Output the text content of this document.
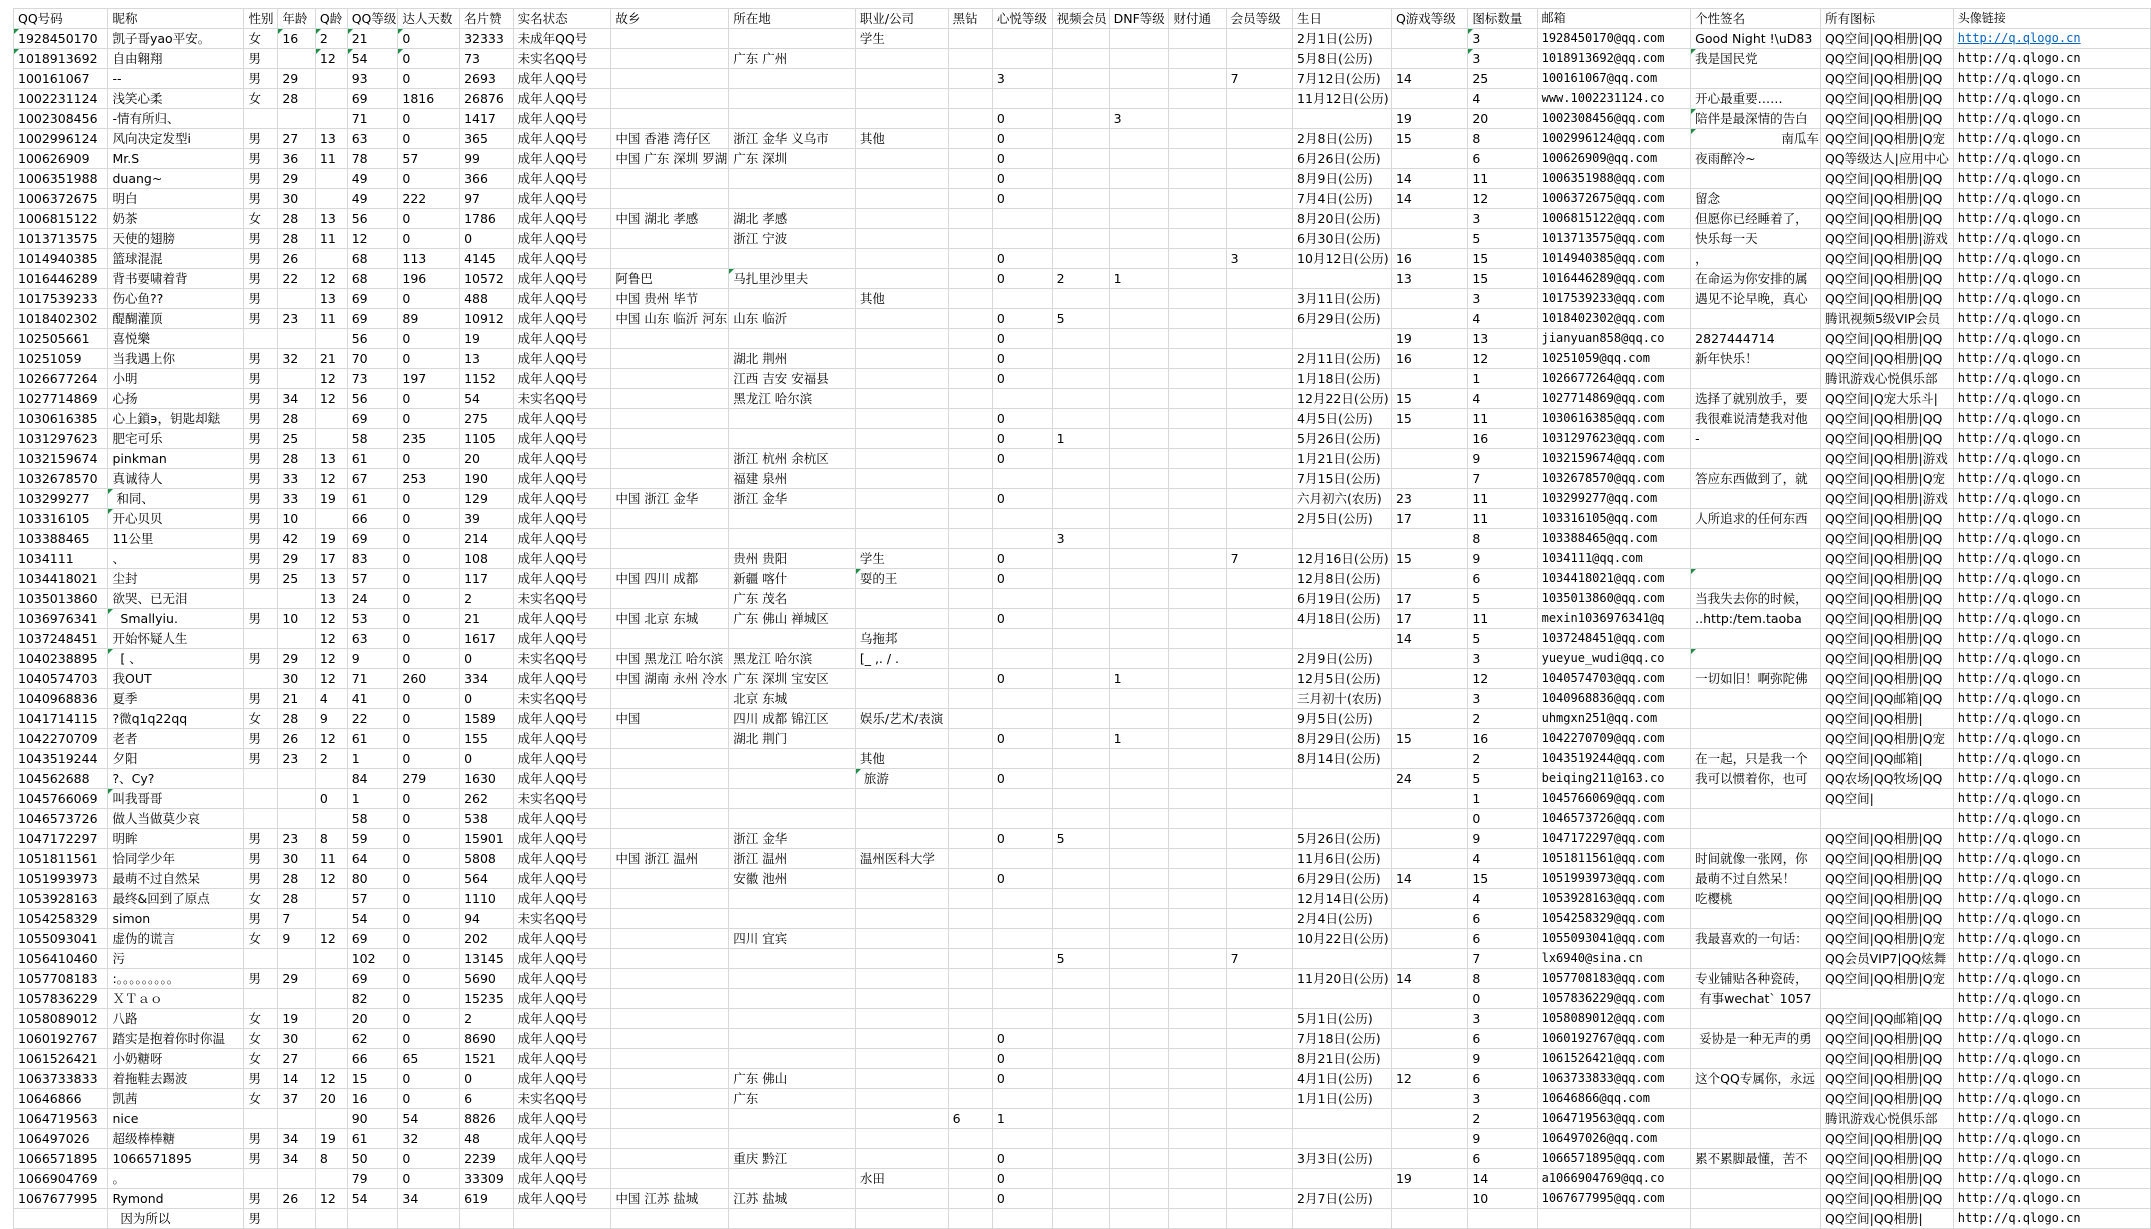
QQ号码	昵称	性别	年龄	Q龄	QQ等级	达人天数	名片赞	实名状态	故乡	所在地	职业/公司	黑钻	心悦等级	视频会员	DNF等级	财付通	会员等级	生日	Q游戏等级	图标数量	邮箱	个性签名	所有图标	头像链接
1928450170	凯子哥yao平安。	女	16	2	21	0	32333	未成年QQ号			学生							2月1日(公历)		3	1928450170@qq.com	Good Night !\uD83	QQ空间|QQ相册|QQ	http://q.qlogo.cn
1018913692	自由翱翔	男		12	54	0	73	未实名QQ号		广东 广州								5月8日(公历)		3	1018913692@qq.com	我是国民党	QQ空间|QQ相册|QQ	http://q.qlogo.cn
100161067	--	男	29		93	0	2693	成年人QQ号					3				7	7月12日(公历)	14	25	100161067@qq.com		QQ空间|QQ相册|QQ	http://q.qlogo.cn
1002231124	浅笑心柔	女	28		69	1816	26876	成年人QQ号										11月12日(公历)		4	www.1002231124.co	开心最重要……	QQ空间|QQ相册|QQ	http://q.qlogo.cn
1002308456	-情有所归、				71	0	1417	成年人QQ号					0		3				19	20	1002308456@qq.com	陪伴是最深情的告白	QQ空间|QQ相册|QQ	http://q.qlogo.cn
1002996124	风向决定发型i	男	27	13	63	0	365	成年人QQ号	中国 香港 湾仔区	浙江 金华 义乌市	其他		0					2月8日(公历)	15	8	1002996124@qq.com	南瓜车	QQ空间|QQ相册|Q宠	http://q.qlogo.cn
100626909	Mr.S	男	36	11	78	57	99	成年人QQ号	中国 广东 深圳 罗湖	广东 深圳			0					6月26日(公历)		6	100626909@qq.com	夜雨醉冷~	QQ等级达人|应用中心	http://q.qlogo.cn
1006351988	duang~	男	29		49	0	366	成年人QQ号					0					8月9日(公历)	14	11	1006351988@qq.com		QQ空间|QQ相册|QQ	http://q.qlogo.cn
1006372675	明白	男	30		49	222	97	成年人QQ号					0					7月4日(公历)	14	12	1006372675@qq.com	留念	QQ空间|QQ相册|QQ	http://q.qlogo.cn
1006815122	奶茶	女	28	13	56	0	1786	成年人QQ号	中国 湖北 孝感	湖北 孝感								8月20日(公历)		3	1006815122@qq.com	但愿你已经睡着了，	QQ空间|QQ相册|QQ	http://q.qlogo.cn
1013713575	天使的翅膀	男	28	11	12	0	0	成年人QQ号		浙江 宁波								6月30日(公历)		5	1013713575@qq.com	快乐每一天	QQ空间|QQ相册|游戏	http://q.qlogo.cn
1014940385	篮球混混	男	26		68	113	4145	成年人QQ号					0				3	10月12日(公历)	16	15	1014940385@qq.com	，	QQ空间|QQ相册|QQ	http://q.qlogo.cn
1016446289	背书要啸着背	男	22	12	68	196	10572	成年人QQ号	阿鲁巴	马扎里沙里夫			0	2	1				13	15	1016446289@qq.com	在命运为你安排的属	QQ空间|QQ相册|QQ	http://q.qlogo.cn
1017539233	伤心鱼??	男		13	69	0	488	成年人QQ号	中国 贵州 毕节		其他							3月11日(公历)		3	1017539233@qq.com	遇见不论早晚，真心	QQ空间|QQ相册|QQ	http://q.qlogo.cn
1018402302	醍醐灌顶	男	23	11	69	89	10912	成年人QQ号	中国 山东 临沂 河东	山东 临沂			0	5				6月29日(公历)		4	1018402302@qq.com		腾讯视频5级VIP会员	http://q.qlogo.cn
102505661	喜悦樂				56	0	19	成年人QQ号					0						19	13	jianyuan858@qq.co	2827444714	QQ空间|QQ相册|QQ	http://q.qlogo.cn
10251059	当我遇上你	男	32	21	70	0	13	成年人QQ号		湖北 荆州			0					2月11日(公历)	16	12	10251059@qq.com	新年快乐！	QQ空间|QQ相册|QQ	http://q.qlogo.cn
1026677264	小明	男		12	73	197	1152	成年人QQ号		江西 吉安 安福县			0					1月18日(公历)		1	1026677264@qq.com		腾讯游戏心悦俱乐部	http://q.qlogo.cn
1027714869	心扬	男	34	12	56	0	54	未实名QQ号		黑龙江 哈尔滨								12月22日(公历)	15	4	1027714869@qq.com	选择了就别放手，要	QQ空间|Q宠大乐斗|	http://q.qlogo.cn
1030616385	心上鎖϶，钥匙却鍅	男	28		69	0	275	成年人QQ号					0					4月5日(公历)	15	11	1030616385@qq.com	我很难说清楚我对他	QQ空间|QQ相册|QQ	http://q.qlogo.cn
1031297623	肥宅可乐	男	25		58	235	1105	成年人QQ号					0	1				5月26日(公历)		16	1031297623@qq.com	-	QQ空间|QQ相册|QQ	http://q.qlogo.cn
1032159674	pinkman	男	28	13	61	0	20	成年人QQ号		浙江 杭州 余杭区			0					1月21日(公历)		9	1032159674@qq.com		QQ空间|QQ相册|游戏	http://q.qlogo.cn
1032678570	真诚待人	男	33	12	67	253	190	成年人QQ号		福建 泉州								7月15日(公历)		7	1032678570@qq.com	答应东西做到了，就	QQ空间|QQ相册|Q宠	http://q.qlogo.cn
103299277	和同、	男	33	19	61	0	129	成年人QQ号	中国 浙江 金华	浙江 金华			0					六月初六(农历)	23	11	103299277@qq.com		QQ空间|QQ相册|游戏	http://q.qlogo.cn
103316105	开心贝贝	男	10		66	0	39	成年人QQ号										2月5日(公历)	17	11	103316105@qq.com	人所追求的任何东西	QQ空间|QQ相册|QQ	http://q.qlogo.cn
103388465	11公里	男	42	19	69	0	214	成年人QQ号						3						8	103388465@qq.com		QQ空间|QQ相册|QQ	http://q.qlogo.cn
1034111	、	男	29	17	83	0	108	成年人QQ号		贵州 贵阳	学生		0				7	12月16日(公历)	15	9	1034111@qq.com		QQ空间|QQ相册|QQ	http://q.qlogo.cn
1034418021	尘封	男	25	13	57	0	117	成年人QQ号	中国 四川 成都	新疆 喀什	耍的王		0					12月8日(公历)		6	1034418021@qq.com		QQ空间|QQ相册|QQ	http://q.qlogo.cn
1035013860	欲哭、已无泪			13	24	0	2	未实名QQ号		广东 茂名								6月19日(公历)	17	5	1035013860@qq.com	当我失去你的时候，	QQ空间|QQ相册|QQ	http://q.qlogo.cn
1036976341	Smallyiu.	男	10	12	53	0	21	成年人QQ号	中国 北京 东城	广东 佛山 禅城区			0					4月18日(公历)	17	11	mexin1036976341@q	..http:/tem.taoba	QQ空间|QQ相册|QQ	http://q.qlogo.cn
1037248451	开始怀疑人生			12	63	0	1617	成年人QQ号			乌拖邦								14	5	1037248451@qq.com		QQ空间|QQ相册|QQ	http://q.qlogo.cn
1040238895	[ 、	男	29	12	9	0	0	未实名QQ号	中国 黑龙江 哈尔滨	黑龙江 哈尔滨	[_ ,. / .							2月9日(公历)		3	yueyue_wudi@qq.co		QQ空间|QQ相册|QQ	http://q.qlogo.cn
1040574703	我OUT		30	12	71	260	334	成年人QQ号	中国 湖南 永州 冷水	广东 深圳 宝安区			0		1			12月5日(公历)		12	1040574703@qq.com	一切如旧！啊弥陀佛	QQ空间|QQ相册|QQ	http://q.qlogo.cn
1040968836	夏季	男	21	4	41	0	0	未实名QQ号		北京 东城								三月初十(农历)		3	1040968836@qq.com		QQ空间|QQ邮箱|QQ	http://q.qlogo.cn
1041714115	?微q1q22qq	女	28	9	22	0	1589	成年人QQ号	中国	四川 成都 锦江区	娱乐/艺术/表演							9月5日(公历)		2	uhmgxn251@qq.com		QQ空间|QQ相册|	http://q.qlogo.cn
1042270709	老者	男	26	12	61	0	155	成年人QQ号		湖北 荆门			0		1			8月29日(公历)	15	16	1042270709@qq.com		QQ空间|QQ相册|Q宠	http://q.qlogo.cn
1043519244	夕阳	男	23	2	1	0	0	成年人QQ号			其他							8月14日(公历)		2	1043519244@qq.com	在一起，只是我一个	QQ空间|QQ邮箱|	http://q.qlogo.cn
104562688	?、Cy?				84	279	1630	成年人QQ号			旅游		0						24	5	beiqing211@163.co	我可以惯着你，也可	QQ农场|QQ牧场|QQ	http://q.qlogo.cn
1045766069	叫我哥哥			0	1	0	262	未实名QQ号												1	1045766069@qq.com		QQ空间|	http://q.qlogo.cn
1046573726	做人当做莫少哀				58	0	538	成年人QQ号												0	1046573726@qq.com			http://q.qlogo.cn
1047172297	明眸	男	23	8	59	0	15901	成年人QQ号		浙江 金华			0	5				5月26日(公历)		9	1047172297@qq.com		QQ空间|QQ相册|QQ	http://q.qlogo.cn
1051811561	恰同学少年	男	30	11	64	0	5808	成年人QQ号	中国 浙江 温州	浙江 温州	温州医科大学							11月6日(公历)		4	1051811561@qq.com	时间就像一张网，你	QQ空间|QQ相册|QQ	http://q.qlogo.cn
1051993973	最萌不过自然呆	男	28	12	80	0	564	成年人QQ号		安徽 池州			0					6月29日(公历)	14	15	1051993973@qq.com	最萌不过自然呆！	QQ空间|QQ相册|QQ	http://q.qlogo.cn
1053928163	最终&回到了原点	女	28		57	0	1110	成年人QQ号										12月14日(公历)		4	1053928163@qq.com	吃樱桃	QQ空间|QQ相册|QQ	http://q.qlogo.cn
1054258329	simon	男	7		54	0	94	未实名QQ号										2月4日(公历)		6	1054258329@qq.com		QQ空间|QQ相册|QQ	http://q.qlogo.cn
1055093041	虚伪的谎言	女	9	12	69	0	202	成年人QQ号		四川 宜宾								10月22日(公历)		6	1055093041@qq.com	我最喜欢的一句话：	QQ空间|QQ相册|Q宠	http://q.qlogo.cn
1056410460	污				102	0	13145	成年人QQ号						5			7			7	lx6940@sina.cn		QQ会员VIP7|QQ炫舞	http://q.qlogo.cn
1057708183	:。。。。。。。。。	男	29		69	0	5690	成年人QQ号										11月20日(公历)	14	8	1057708183@qq.com	专业铺贴各种瓷砖，	QQ空间|QQ相册|Q宠	http://q.qlogo.cn
1057836229	ＸＴａｏ				82	0	15235	成年人QQ号												0	1057836229@qq.com	有事wechat` 1057		http://q.qlogo.cn
1058089012	八路	女	19		20	0	2	成年人QQ号										5月1日(公历)		3	1058089012@qq.com		QQ空间|QQ邮箱|QQ	http://q.qlogo.cn
1060192767	踏实是抱着你时你温	女	30		62	0	8690	成年人QQ号					0					7月18日(公历)		6	1060192767@qq.com	妥协是一种无声的勇	QQ空间|QQ相册|QQ	http://q.qlogo.cn
1061526421	小奶糖呀	女	27		66	65	1521	成年人QQ号					0					8月21日(公历)		9	1061526421@qq.com		QQ空间|QQ相册|QQ	http://q.qlogo.cn
1063733833	着拖鞋去踢波	男	14	12	15	0	0	成年人QQ号		广东 佛山			0					4月1日(公历)	12	6	1063733833@qq.com	这个QQ专属你，永远	QQ空间|QQ相册|QQ	http://q.qlogo.cn
10646866	凯茜	女	37	20	16	0	6	未实名QQ号		广东								1月1日(公历)		3	10646866@qq.com		QQ空间|QQ相册|QQ	http://q.qlogo.cn
1064719563	nice				90	54	8826	成年人QQ号				6	1							2	1064719563@qq.com		腾讯游戏心悦俱乐部	http://q.qlogo.cn
106497026	超级棒棒糖	男	34	19	61	32	48	成年人QQ号												9	106497026@qq.com		QQ空间|QQ相册|QQ	http://q.qlogo.cn
1066571895	1066571895	男	34	8	50	0	2239	成年人QQ号		重庆 黔江			0					3月3日(公历)		6	1066571895@qq.com	累不累脚最懂，苦不	QQ空间|QQ相册|QQ	http://q.qlogo.cn
1066904769	。				79	0	33309	成年人QQ号			水田		0						19	14	a1066904769@qq.co		QQ空间|QQ相册|QQ	http://q.qlogo.cn
1067677995	Rymond	男	26	12	54	34	619	成年人QQ号	中国 江苏 盐城	江苏 盐城			0					2月7日(公历)		10	1067677995@qq.com		QQ空间|QQ相册|QQ	http://q.qlogo.cn
	因为所以	男																					QQ空间|QQ相册|	http://q.qlogo.cn
